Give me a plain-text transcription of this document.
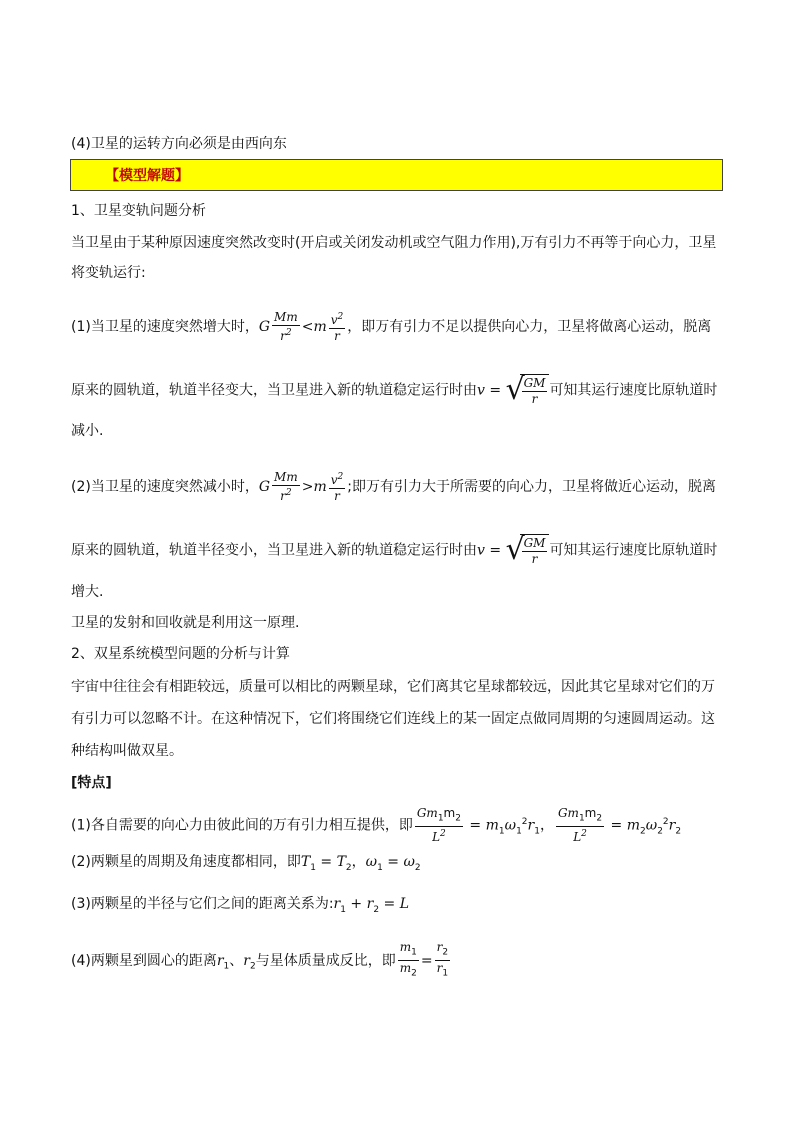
(4)卫星的运转方向必须是由西向东
【模型解题】
1、卫星变轨问题分析
当卫星由于某种原因速度突然改变时(开启或关闭发动机或空气阻力作用),万有引力不再等于向心力，卫星
将变轨运行:
(1)当卫星的速度突然增大时，G $\frac{Mm}{r^2} <m \frac{v^2}{r}$ ，即万有引力不足以提供向心力，卫星将做离心运动，脱离
原来的圆轨道，轨道半径变大，当卫星进入新的轨道稳定运行时由v = √
$\frac{GM}{r}$ 可知其运行速度比原轨道时
减小.
(2)当卫星的速度突然减小时，G $\frac{Mm}{r^2} >m \frac{v^2}{r}$ ;即万有引力大于所需要的向心力，卫星将做近心运动，脱离
原来的圆轨道，轨道半径变小，当卫星进入新的轨道稳定运行时由v = √
$\frac{GM}{r}$ 可知其运行速度比原轨道时
增大.
卫星的发射和回收就是利用这一原理.
2、双星系统模型问题的分析与计算
宇宙中往往会有相距较远，质量可以相比的两颗星球，它们离其它星球都较远，因此其它星球对它们的万
有引力可以忽略不计。在这种情况下，它们将围绕它们连线上的某一固定点做同周期的匀速圆周运动。这
种结构叫做双星。
[特点]
(1)各自需要的向心力由彼此间的万有引力相互提供，即 $\frac{Gm_1m_2}{L^2} = m_1\omega_1^2r_1$， $\frac{Gm_1m_2}{L^2} = m_2\omega_2^2r_2$
(2)两颗星的周期及角速度都相同，即$T_1 = T_2$，$\omega_1 = \omega_2$
(3)两颗星的半径与它们之间的距离关系为$:r_1 + r_2 = L$
(4)两颗星到圆心的距离$r_1$、$r_2$与星体质量成反比，即 $\frac{m_1}{m_2} = \frac{r_2}{r_1}$
